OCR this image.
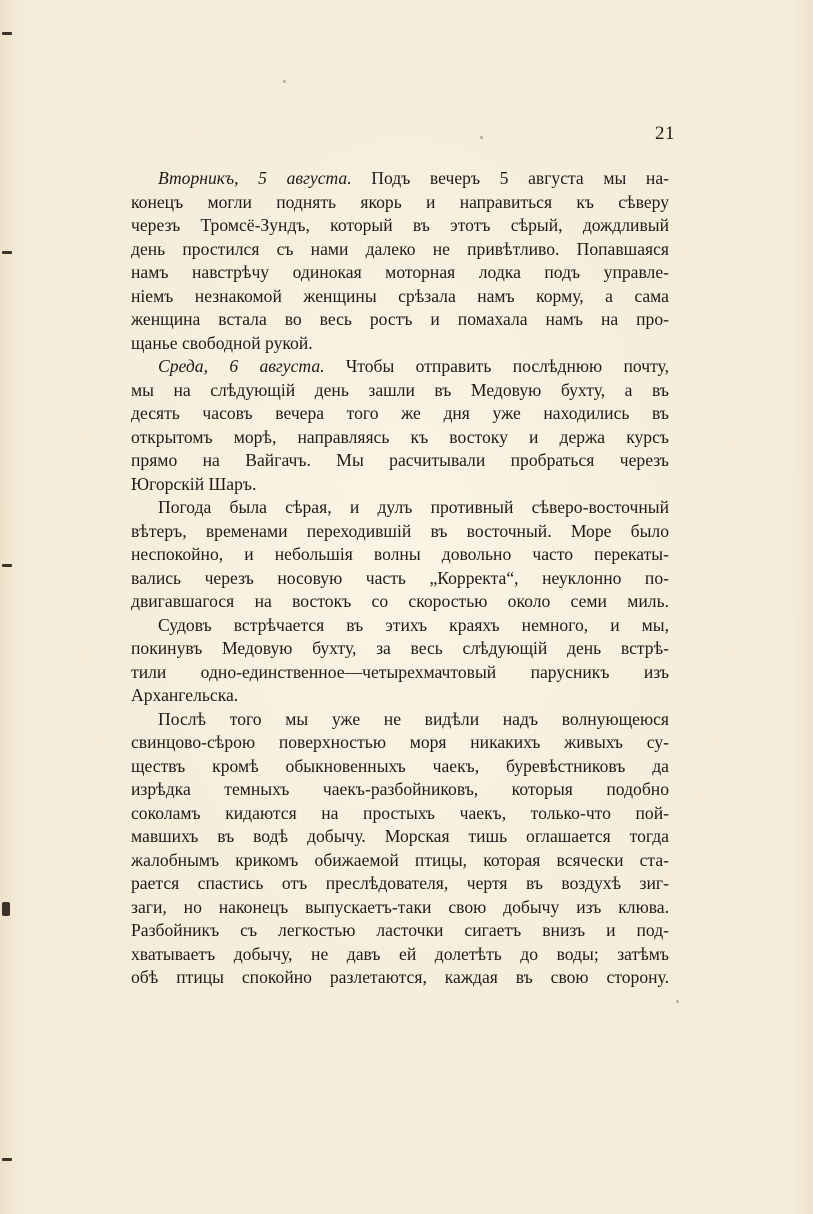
21
Вторникъ, 5 августа. Подъ вечеръ 5 августа мы на-
конецъ могли поднять якорь и направиться къ сѣверу
черезъ Тромсё-Зундъ, который въ этотъ сѣрый, дождливый
день простился съ нами далеко не привѣтливо. Попавшаяся
намъ навстрѣчу одинокая моторная лодка подъ управле-
ніемъ незнакомой женщины срѣзала намъ корму, а сама
женщина встала во весь ростъ и помахала намъ на про-
щанье свободной рукой.
Среда, 6 августа. Чтобы отправить послѣднюю почту,
мы на слѣдующій день зашли въ Медовую бухту, а въ
десять часовъ вечера того же дня уже находились въ
открытомъ морѣ, направляясь къ востоку и держа курсъ
прямо на Вайгачъ. Мы расчитывали пробраться черезъ
Югорскій Шаръ.
Погода была сѣрая, и дулъ противный сѣверо-восточный
вѣтеръ, временами переходившій въ восточный. Море было
неспокойно, и небольшія волны довольно часто перекаты-
вались черезъ носовую часть „Корректа“, неуклонно по-
двигавшагося на востокъ со скоростью около семи миль.
Судовъ встрѣчается въ этихъ краяхъ немного, и мы,
покинувъ Медовую бухту, за весь слѣдующій день встрѣ-
тили одно-единственное—четырехмачтовый парусникъ изъ
Архангельска.
Послѣ того мы уже не видѣли надъ волнующеюся
свинцово-сѣрою поверхностью моря никакихъ живыхъ су-
ществъ кромѣ обыкновенныхъ чаекъ, буревѣстниковъ да
изрѣдка темныхъ чаекъ-разбойниковъ, которыя подобно
соколамъ кидаются на простыхъ чаекъ, только-что пой-
мавшихъ въ водѣ добычу. Морская тишь оглашается тогда
жалобнымъ крикомъ обижаемой птицы, которая всячески ста-
рается спастись отъ преслѣдователя, чертя въ воздухѣ зиг-
заги, но наконецъ выпускаетъ-таки свою добычу изъ клюва.
Разбойникъ съ легкостью ласточки сигаетъ внизъ и под-
хватываетъ добычу, не давъ ей долетѣть до воды; затѣмъ
обѣ птицы спокойно разлетаются, каждая въ свою сторону.
